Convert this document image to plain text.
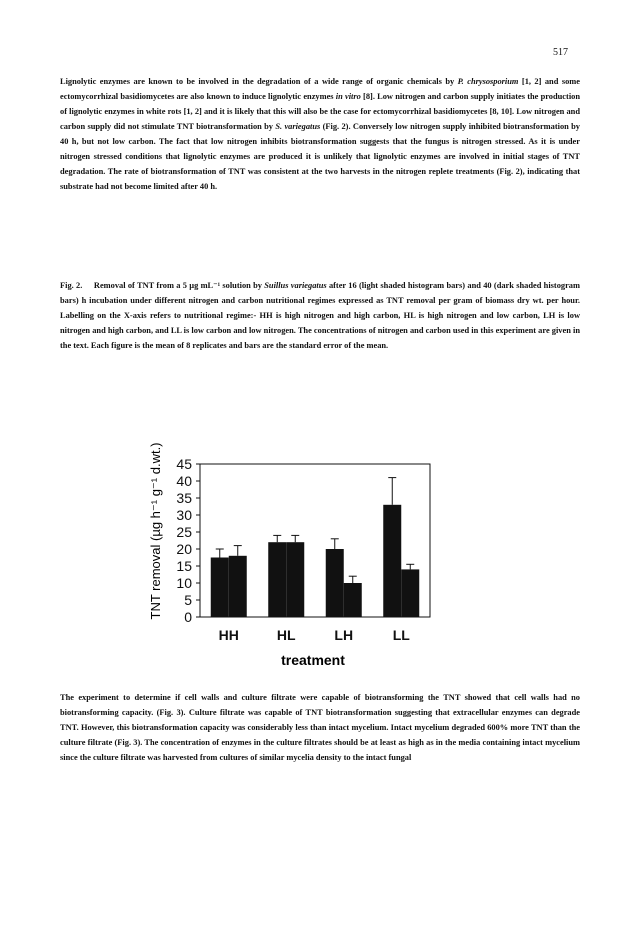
517

Lignolytic enzymes are known to be involved in the degradation of a wide range of organic chemicals by P. chrysosporium [1, 2] and some ectomycorrhizal basidiomycetes are also known to induce lignolytic enzymes in vitro [8]. Low nitrogen and carbon supply initiates the production of lignolytic enzymes in white rots [1, 2] and it is likely that this will also be the case for ectomycorrhizal basidiomycetes [8, 10]. Low nitrogen and carbon supply did not stimulate TNT biotransformation by S. variegatus (Fig. 2). Conversely low nitrogen supply inhibited biotransformation by 40 h, but not low carbon. The fact that low nitrogen inhibits biotransformation suggests that the fungus is nitrogen stressed. As it is under nitrogen stressed conditions that lignolytic enzymes are produced it is unlikely that lignolytic enzymes are involved in initial stages of TNT degradation. The rate of biotransformation of TNT was consistent at the two harvests in the nitrogen replete treatments (Fig. 2), indicating that substrate had not become limited after 40 h.

Fig. 2. Removal of TNT from a 5 µg mL⁻¹ solution by Suillus variegatus after 16 (light shaded histogram bars) and 40 (dark shaded histogram bars) h incubation under different nitrogen and carbon nutritional regimes expressed as TNT removal per gram of biomass dry wt. per hour. Labelling on the X-axis refers to nutritional regime:- HH is high nitrogen and high carbon, HL is high nitrogen and low carbon, LH is low nitrogen and high carbon, and LL is low carbon and low nitrogen. The concentrations of nitrogen and carbon used in this experiment are given in the text. Each figure is the mean of 8 replicates and bars are the standard error of the mean.

0
5
10
15
20
25
30
35
40
45
HH	HL	LH	LL
treatment
TNT removal (µg h⁻¹ g⁻¹ d.wt.)

The experiment to determine if cell walls and culture filtrate were capable of biotransforming the TNT showed that cell walls had no biotransforming capacity. (Fig. 3). Culture filtrate was capable of TNT biotransformation suggesting that extracellular enzymes can degrade TNT. However, this biotransformation capacity was considerably less than intact mycelium. Intact mycelium degraded 600% more TNT than the culture filtrate (Fig. 3). The concentration of enzymes in the culture filtrates should be at least as high as in the media containing intact mycelium since the culture filtrate was harvested from cultures of similar mycelia density to the intact fungal
